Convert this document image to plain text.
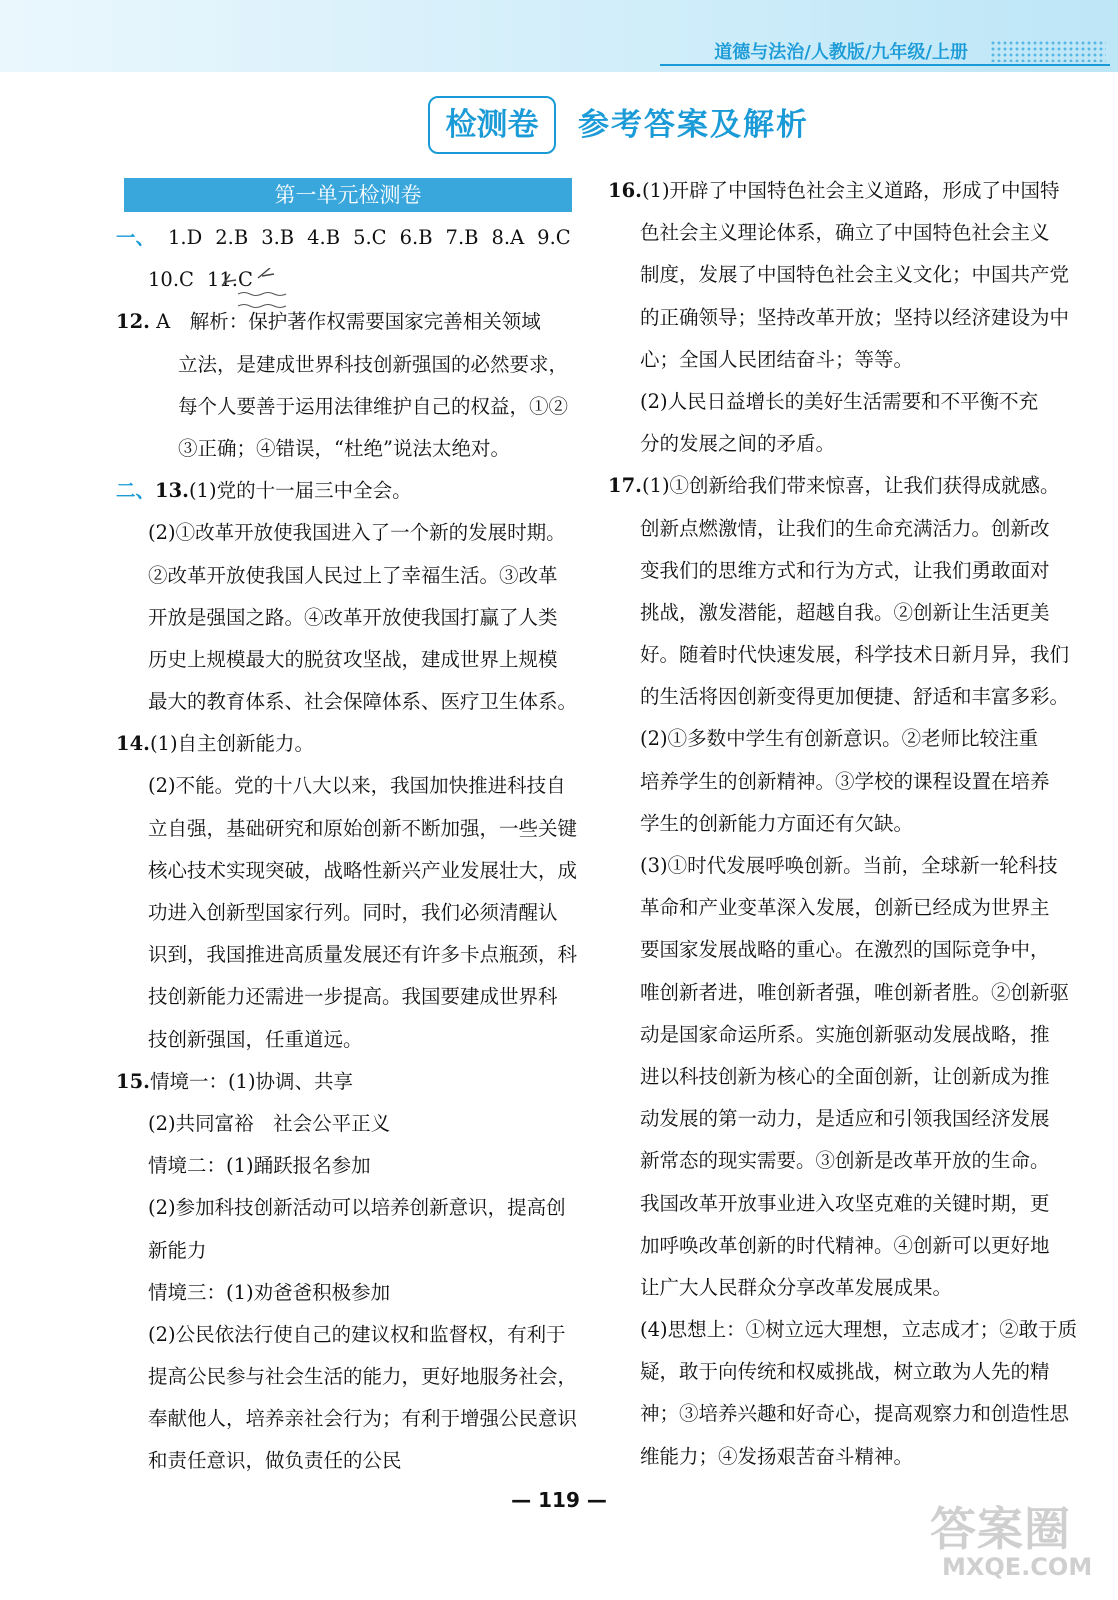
道德与法治/人教版/九年级/上册
检测卷	参考答案及解析
第一单元检测卷
一、 1.D 2.B 3.B 4.B 5.C 6.B 7.B 8.A 9.C
10.C 11.C
12. A　解析：保护著作权需要国家完善相关领域
立法，是建成世界科技创新强国的必然要求，
每个人要善于运用法律维护自己的权益，①②
③正确；④错误，“杜绝”说法太绝对。
二、13.(1)党的十一届三中全会。
(2)①改革开放使我国进入了一个新的发展时期。
②改革开放使我国人民过上了幸福生活。③改革
开放是强国之路。④改革开放使我国打赢了人类
历史上规模最大的脱贫攻坚战，建成世界上规模
最大的教育体系、社会保障体系、医疗卫生体系。
14.(1)自主创新能力。
(2)不能。党的十八大以来，我国加快推进科技自
立自强，基础研究和原始创新不断加强，一些关键
核心技术实现突破，战略性新兴产业发展壮大，成
功进入创新型国家行列。同时，我们必须清醒认
识到，我国推进高质量发展还有许多卡点瓶颈，科
技创新能力还需进一步提高。我国要建成世界科
技创新强国，任重道远。
15.情境一：(1)协调、共享
(2)共同富裕　社会公平正义
情境二：(1)踊跃报名参加
(2)参加科技创新活动可以培养创新意识，提高创
新能力
情境三：(1)劝爸爸积极参加
(2)公民依法行使自己的建议权和监督权，有利于
提高公民参与社会生活的能力，更好地服务社会，
奉献他人，培养亲社会行为；有利于增强公民意识
和责任意识，做负责任的公民
16.(1)开辟了中国特色社会主义道路，形成了中国特
色社会主义理论体系，确立了中国特色社会主义
制度，发展了中国特色社会主义文化；中国共产党
的正确领导；坚持改革开放；坚持以经济建设为中
心；全国人民团结奋斗；等等。
(2)人民日益增长的美好生活需要和不平衡不充
分的发展之间的矛盾。
17.(1)①创新给我们带来惊喜，让我们获得成就感。
创新点燃激情，让我们的生命充满活力。创新改
变我们的思维方式和行为方式，让我们勇敢面对
挑战，激发潜能，超越自我。②创新让生活更美
好。随着时代快速发展，科学技术日新月异，我们
的生活将因创新变得更加便捷、舒适和丰富多彩。
(2)①多数中学生有创新意识。②老师比较注重
培养学生的创新精神。③学校的课程设置在培养
学生的创新能力方面还有欠缺。
(3)①时代发展呼唤创新。当前，全球新一轮科技
革命和产业变革深入发展，创新已经成为世界主
要国家发展战略的重心。在激烈的国际竞争中，
唯创新者进，唯创新者强，唯创新者胜。②创新驱
动是国家命运所系。实施创新驱动发展战略，推
进以科技创新为核心的全面创新，让创新成为推
动发展的第一动力，是适应和引领我国经济发展
新常态的现实需要。③创新是改革开放的生命。
我国改革开放事业进入攻坚克难的关键时期，更
加呼唤改革创新的时代精神。④创新可以更好地
让广大人民群众分享改革发展成果。
(4)思想上：①树立远大理想，立志成才；②敢于质
疑，敢于向传统和权威挑战，树立敢为人先的精
神；③培养兴趣和好奇心，提高观察力和创造性思
维能力；④发扬艰苦奋斗精神。
— 119 —
答案圈
MXQE.COM
